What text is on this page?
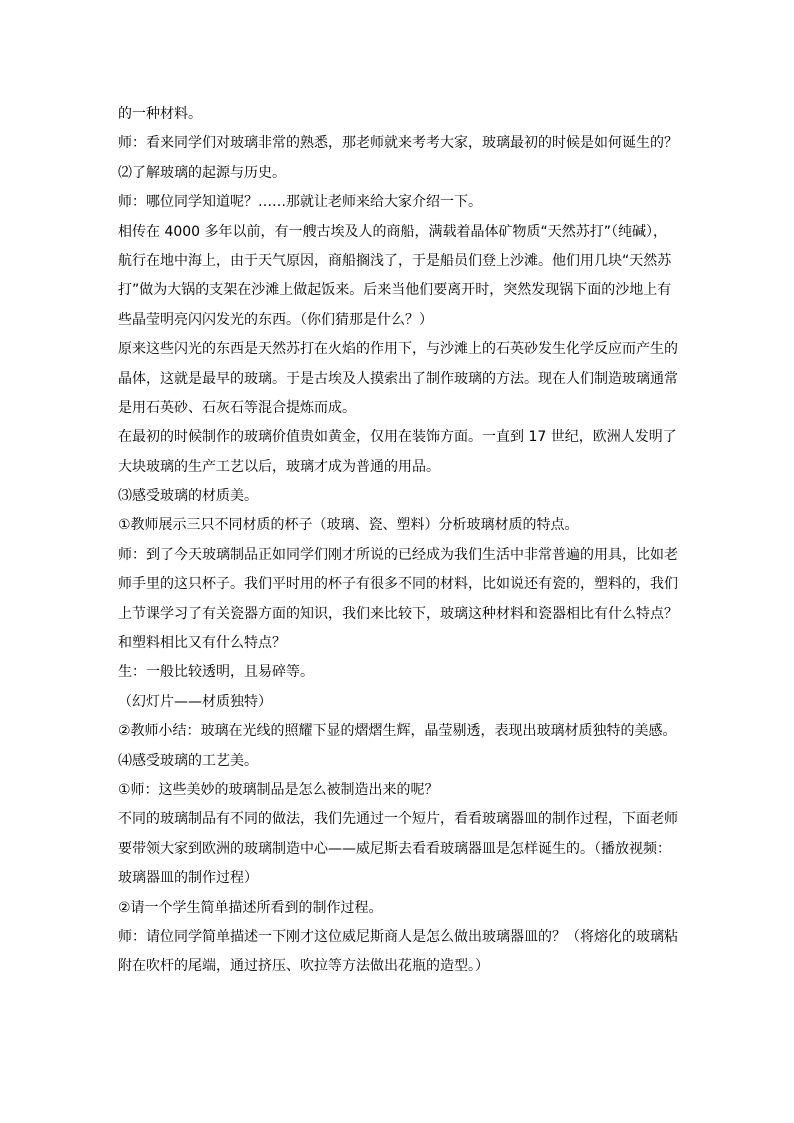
的一种材料。

师：看来同学们对玻璃非常的熟悉，那老师就来考考大家，玻璃最初的时候是如何诞生的？

⑵了解玻璃的起源与历史。

师：哪位同学知道呢？……那就让老师来给大家介绍一下。

相传在 4000 多年以前，有一艘古埃及人的商船，满载着晶体矿物质“天然苏打”（纯碱），

航行在地中海上，由于天气原因，商船搁浅了，于是船员们登上沙滩。他们用几块“天然苏

打”做为大锅的支架在沙滩上做起饭来。后来当他们要离开时，突然发现锅下面的沙地上有

些晶莹明亮闪闪发光的东西。（你们猜那是什么？）

原来这些闪光的东西是天然苏打在火焰的作用下，与沙滩上的石英砂发生化学反应而产生的

晶体，这就是最早的玻璃。于是古埃及人摸索出了制作玻璃的方法。现在人们制造玻璃通常

是用石英砂、石灰石等混合提炼而成。

在最初的时候制作的玻璃价值贵如黄金，仅用在装饰方面。一直到 17 世纪，欧洲人发明了

大块玻璃的生产工艺以后，玻璃才成为普通的用品。

⑶感受玻璃的材质美。

①教师展示三只不同材质的杯子（玻璃、瓷、塑料）分析玻璃材质的特点。

师：到了今天玻璃制品正如同学们刚才所说的已经成为我们生活中非常普遍的用具，比如老

师手里的这只杯子。我们平时用的杯子有很多不同的材料，比如说还有瓷的，塑料的，我们

上节课学习了有关瓷器方面的知识，我们来比较下，玻璃这种材料和瓷器相比有什么特点？

和塑料相比又有什么特点？

生：一般比较透明，且易碎等。

（幻灯片——材质独特）

②教师小结：玻璃在光线的照耀下显的熠熠生辉，晶莹剔透，表现出玻璃材质独特的美感。

⑷感受玻璃的工艺美。

①师：这些美妙的玻璃制品是怎么被制造出来的呢？

不同的玻璃制品有不同的做法，我们先通过一个短片，看看玻璃器皿的制作过程，下面老师

要带领大家到欧洲的玻璃制造中心——威尼斯去看看玻璃器皿是怎样诞生的。（播放视频：

玻璃器皿的制作过程）

②请一个学生简单描述所看到的制作过程。

师：请位同学简单描述一下刚才这位威尼斯商人是怎么做出玻璃器皿的？（将熔化的玻璃粘

附在吹杆的尾端，通过挤压、吹拉等方法做出花瓶的造型。）
